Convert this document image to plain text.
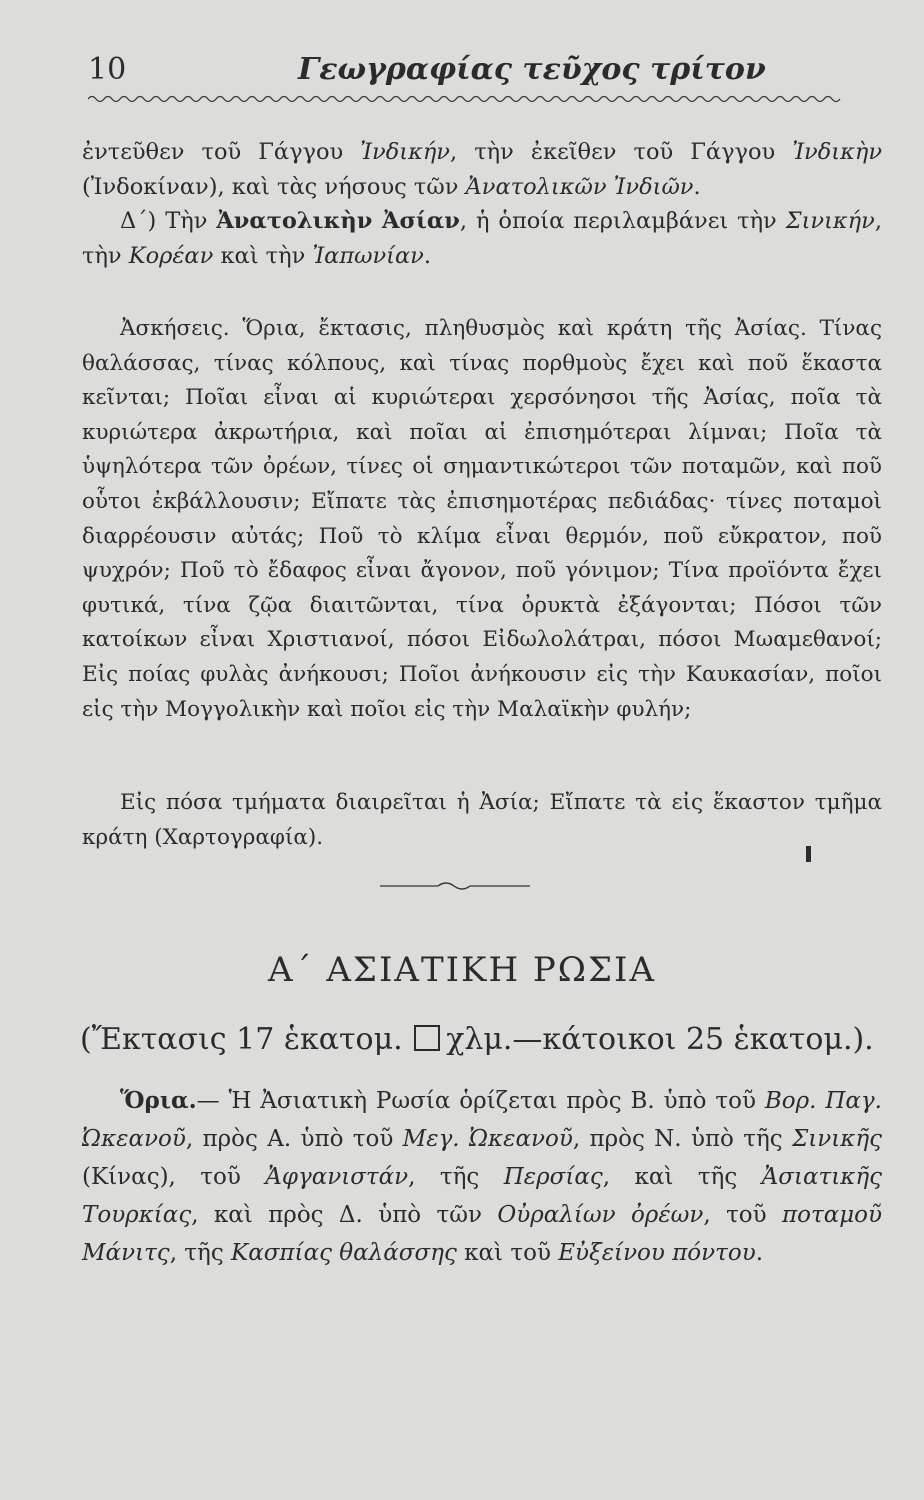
10	Γεωγραφίας τεῦχος τρίτον

ἐντεῦθεν τοῦ Γάγγου Ἰνδικήν, τὴν ἐκεῖθεν τοῦ Γάγγου Ἰνδικὴν (Ἰνδοκίναν), καὶ τὰς νήσους τῶν Ἀνατολικῶν Ἰνδιῶν.

Δ΄) Τὴν Ἀνατολικὴν Ἀσίαν, ἡ ὁποία περιλαμβάνει τὴν Σινικήν, τὴν Κορέαν καὶ τὴν Ἰαπωνίαν.

Ἀσκήσεις. Ὅρια, ἔκτασις, πληθυσμὸς καὶ κράτη τῆς Ἀσίας. Τίνας θαλάσσας, τίνας κόλπους, καὶ τίνας πορθμοὺς ἔχει καὶ ποῦ ἕκαστα κεῖνται; Ποῖαι εἶναι αἱ κυριώτεραι χερσόνησοι τῆς Ἀσίας, ποῖα τὰ κυριώτερα ἀκρωτήρια, καὶ ποῖαι αἱ ἐπισημότεραι λίμναι; Ποῖα τὰ ὑψηλότερα τῶν ὀρέων, τίνες οἱ σημαντικώτεροι τῶν ποταμῶν, καὶ ποῦ οὗτοι ἐκβάλλουσιν; Εἴπατε τὰς ἐπισημοτέρας πεδιάδας· τίνες ποταμοὶ διαρρέουσιν αὐτάς; Ποῦ τὸ κλίμα εἶναι θερμόν, ποῦ εὔκρατον, ποῦ ψυχρόν; Ποῦ τὸ ἔδαφος εἶναι ἄγονον, ποῦ γόνιμον; Τίνα προϊόντα ἔχει φυτικά, τίνα ζῷα διαιτῶνται, τίνα ὀρυκτὰ ἐξάγονται; Πόσοι τῶν κατοίκων εἶναι Χριστιανοί, πόσοι Εἰδωλολάτραι, πόσοι Μωαμεθανοί; Εἰς ποίας φυλὰς ἀνήκουσι; Ποῖοι ἀνήκουσιν εἰς τὴν Καυκασίαν, ποῖοι εἰς τὴν Μογγολικὴν καὶ ποῖοι εἰς τὴν Μαλαϊκὴν φυλήν;

Εἰς πόσα τμήματα διαιρεῖται ἡ Ἀσία; Εἴπατε τὰ εἰς ἕκαστον τμῆμα κράτη (Χαρτογραφία).

Α΄ ΑΣΙΑΤΙΚΗ ΡΩΣΙΑ
(Ἔκτασις 17 ἑκατομ. χλμ.—κάτοικοι 25 ἑκατομ.).

Ὅρια.— Ἡ Ἀσιατικὴ Ρωσία ὁρίζεται πρὸς Β. ὑπὸ τοῦ Βορ. Παγ. Ὠκεανοῦ, πρὸς Α. ὑπὸ τοῦ Μεγ. Ὠκεανοῦ, πρὸς Ν. ὑπὸ τῆς Σινικῆς (Κίνας), τοῦ Ἀφγανιστάν, τῆς Περσίας, καὶ τῆς Ἀσιατικῆς Τουρκίας, καὶ πρὸς Δ. ὑπὸ τῶν Οὐραλίων ὀρέων, τοῦ ποταμοῦ Μάνιτς, τῆς Κασπίας θαλάσσης καὶ τοῦ Εὐξείνου πόντου.
